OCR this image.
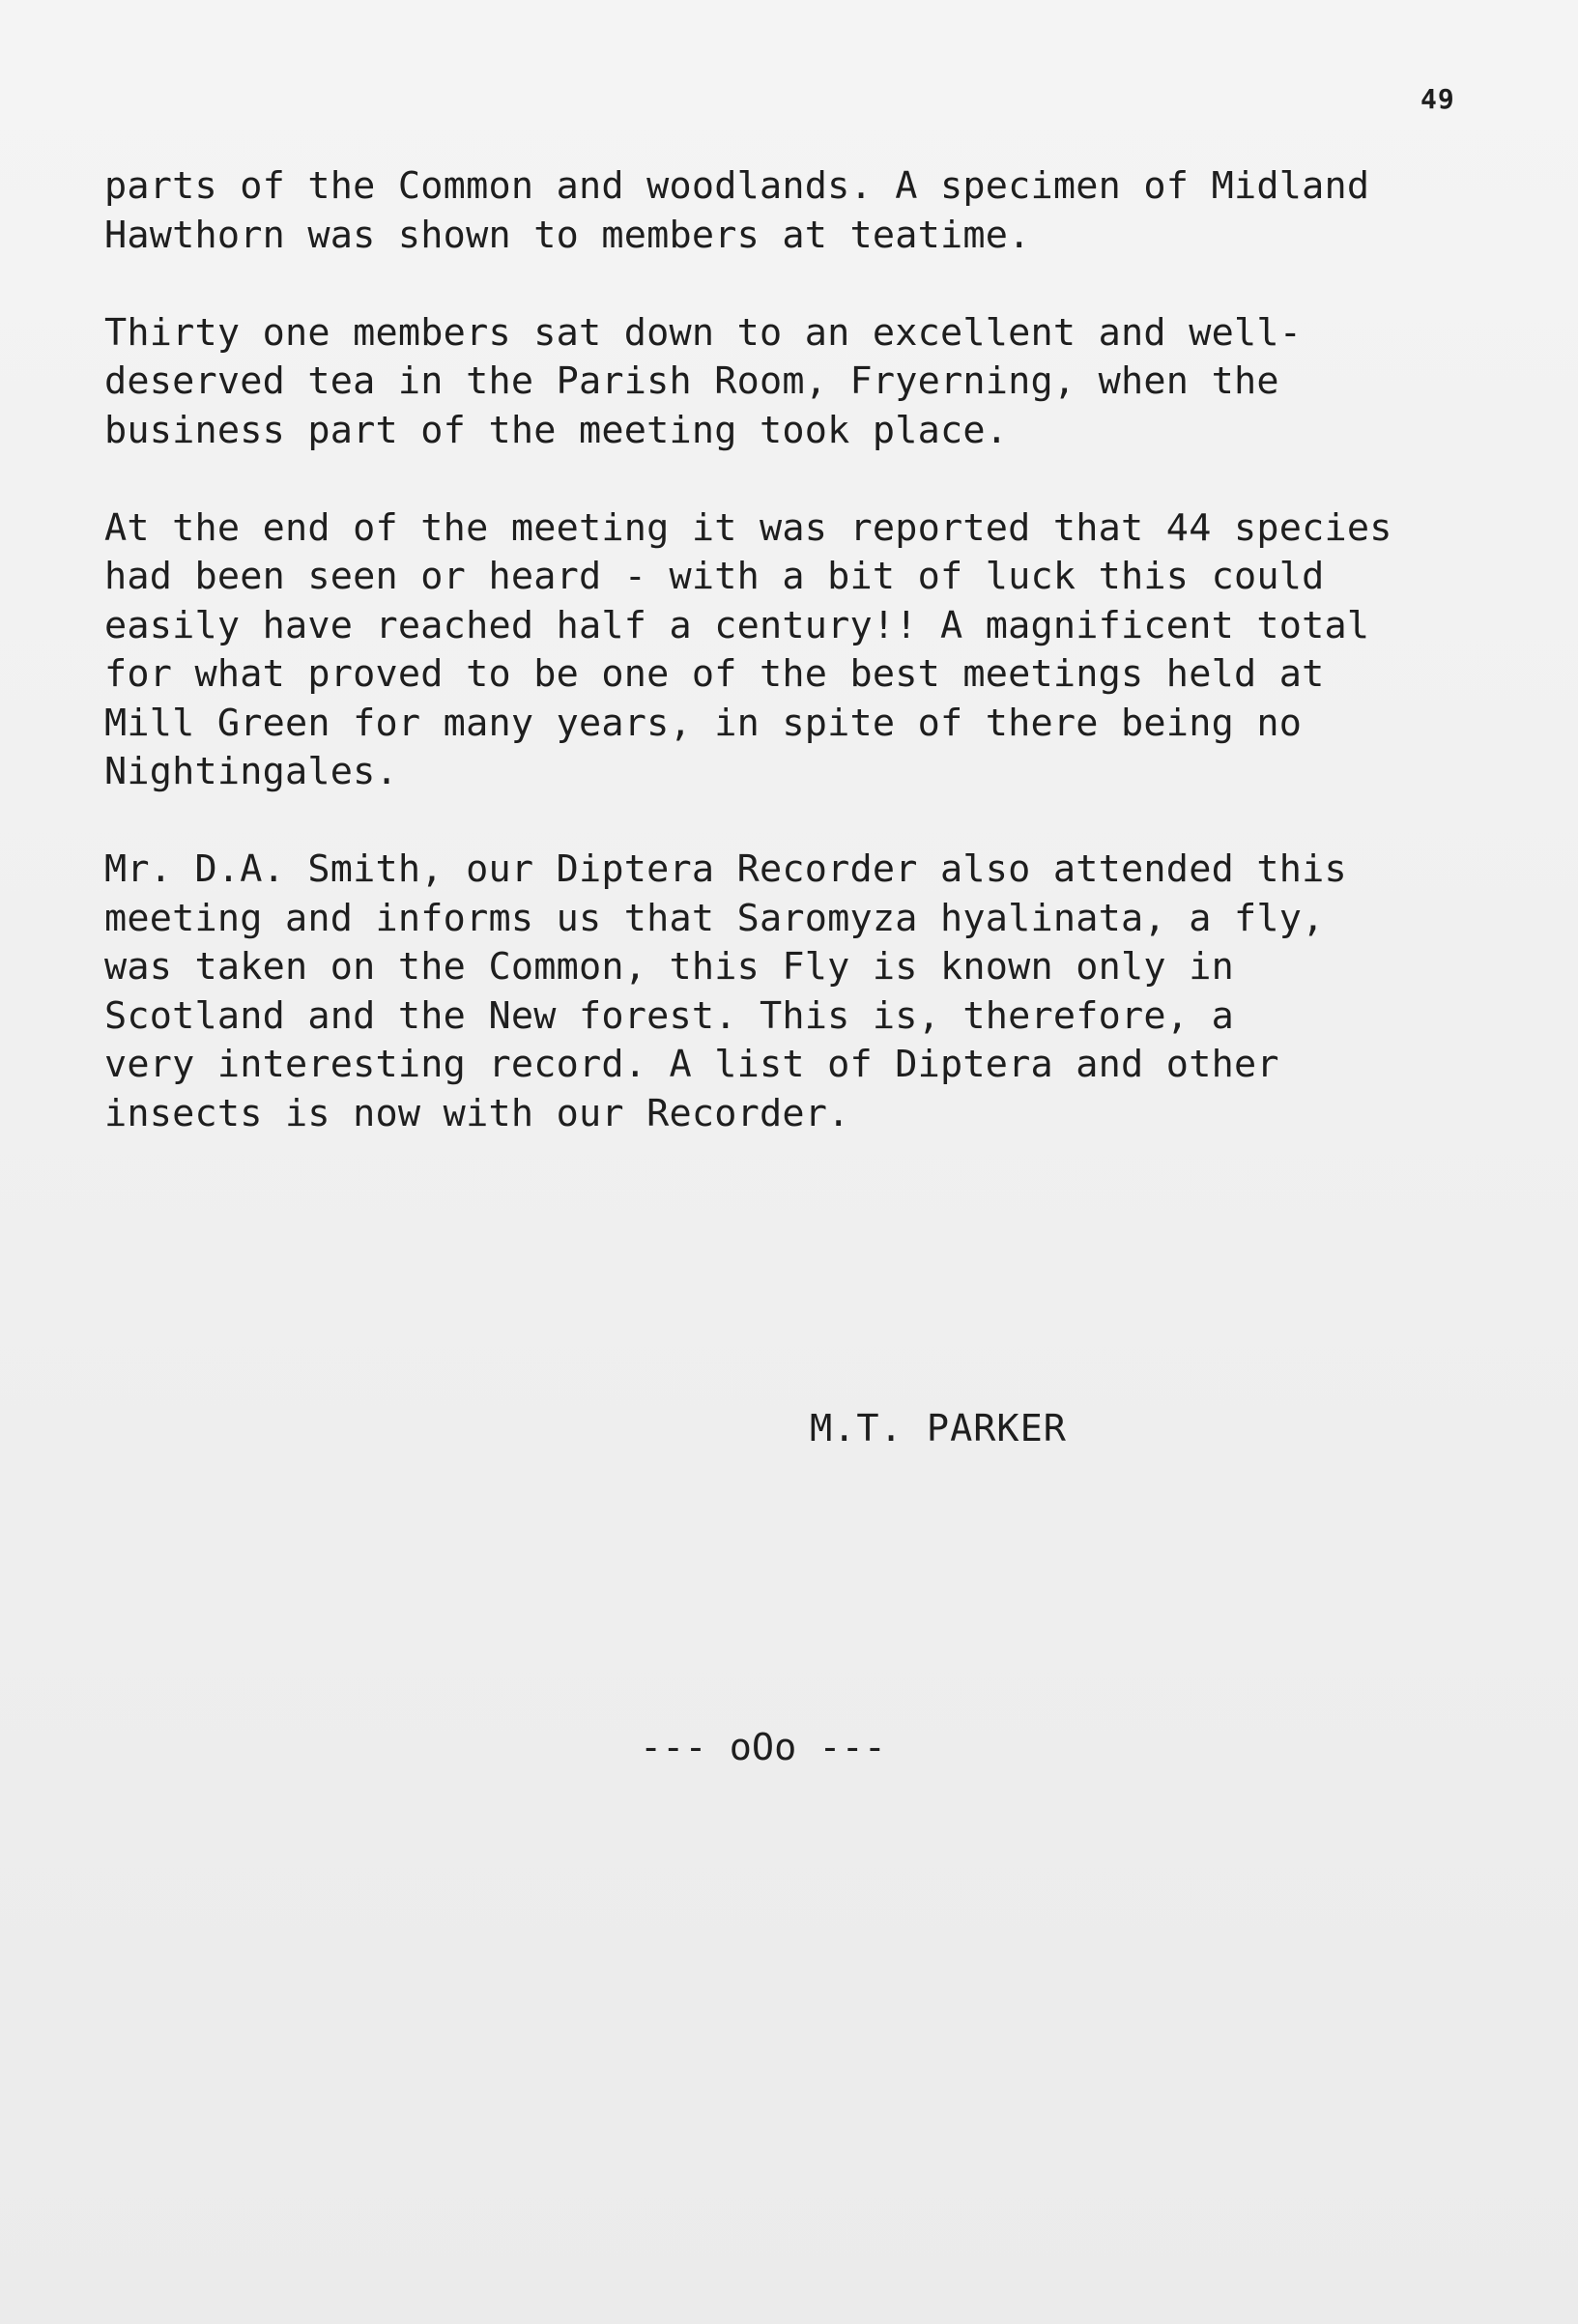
49

parts of the Common and woodlands. A specimen of Midland
Hawthorn was shown to members at teatime.

Thirty one members sat down to an excellent and well-
deserved tea in the Parish Room, Fryerning, when the
business part of the meeting took place.

At the end of the meeting it was reported that 44 species
had been seen or heard - with a bit of luck this could
easily have reached half a century!! A magnificent total
for what proved to be one of the best meetings held at
Mill Green for many years, in spite of there being no
Nightingales.

Mr. D.A. Smith, our Diptera Recorder also attended this
meeting and informs us that Saromyza hyalinata, a fly,
was taken on the Common, this Fly is known only in
Scotland and the New forest. This is, therefore, a
very interesting record. A list of Diptera and other
insects is now with our Recorder.

M.T. PARKER
--- oOo ---
